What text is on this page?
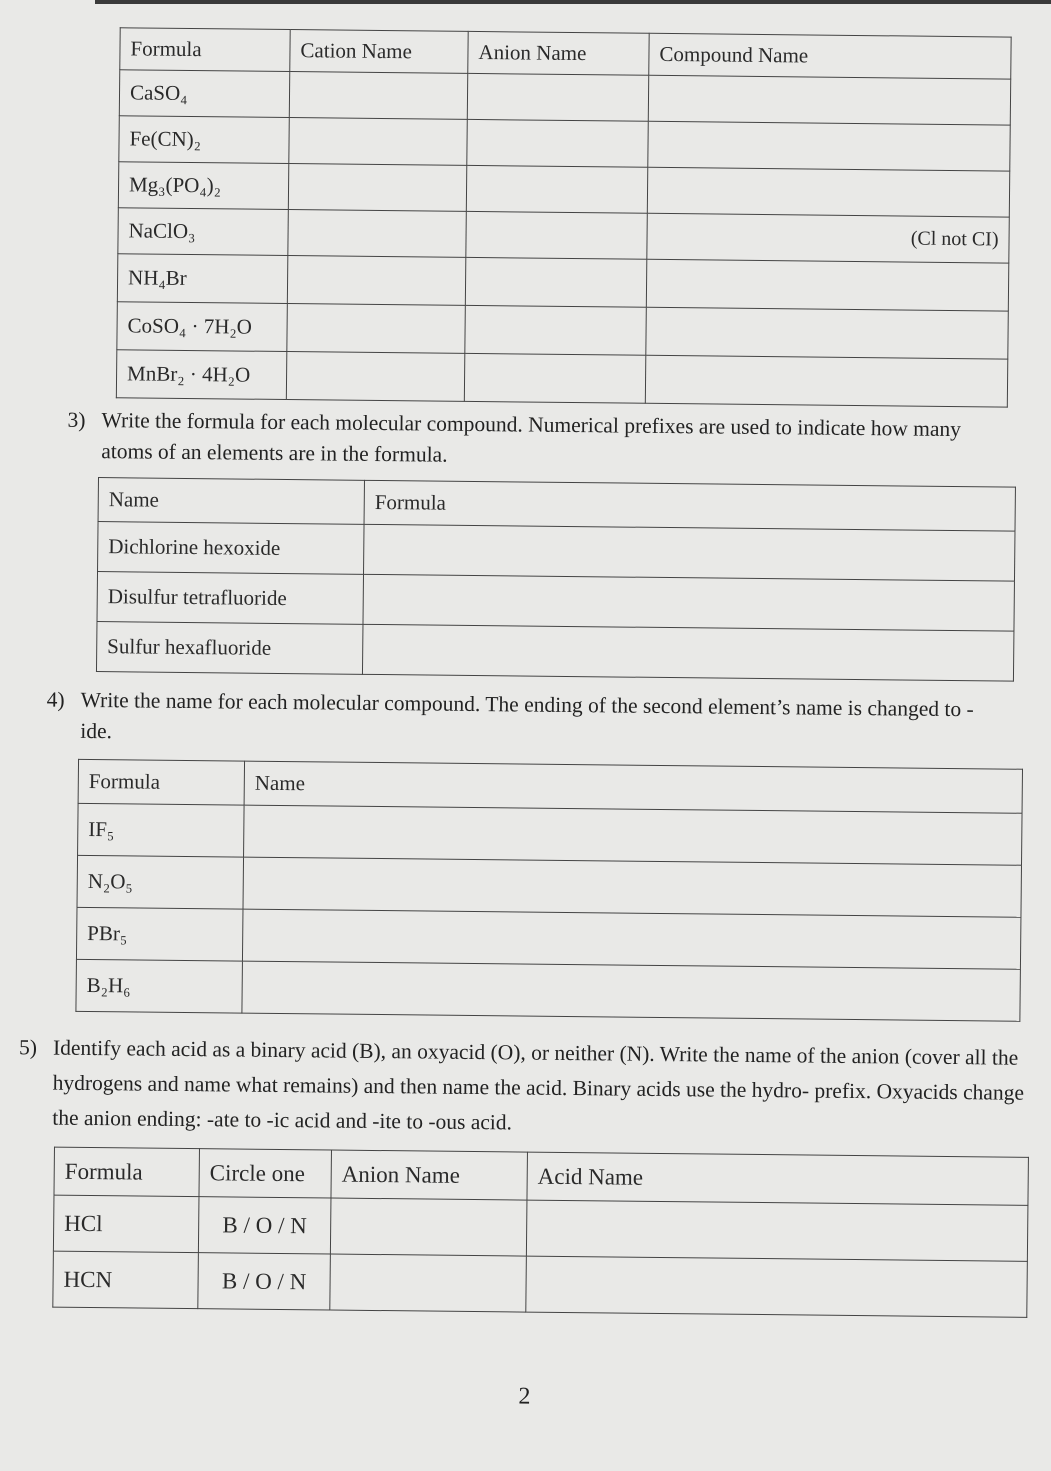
Formula	Cation Name	Anion Name	Compound Name
CaSO₄			
Fe(CN)₂			
Mg₃(PO₄)₂			
NaClO₃			(Cl not CI)

NH₄Br			
CoSO₄ · 7H₂O			
MnBr₂ · 4H₂O			
3) Write the formula for each molecular compound. Numerical prefixes are used to indicate how many atoms of an elements are in the formula.
Name	Formula
Dichlorine hexoxide	
Disulfur tetrafluoride	
Sulfur hexafluoride	
4) Write the name for each molecular compound. The ending of the second element’s name is changed to -ide.
Formula	Name
IF₅	
N₂O₅	
PBr₅	
B₂H₆	
5) Identify each acid as a binary acid (B), an oxyacid (O), or neither (N). Write the name of the anion (cover all the hydrogens and name what remains) and then name the acid. Binary acids use the hydro- prefix. Oxyacids change the anion ending: -ate to -ic acid and -ite to -ous acid.
Formula	Circle one	Anion Name	Acid Name
HCl	B / O / N		
HCN	B / O / N		
2
